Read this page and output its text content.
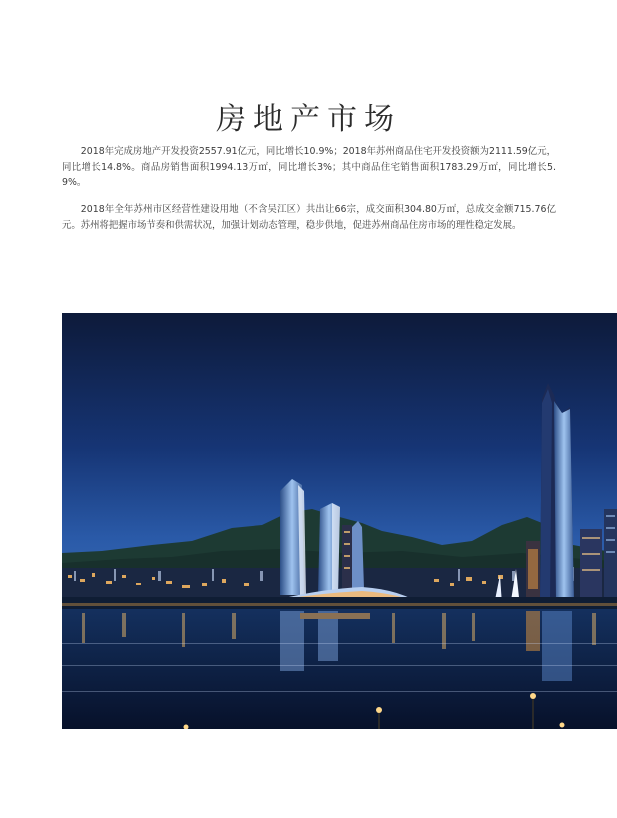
房地产市场

2018年完成房地产开发投资2557.91亿元，同比增长10.9%；2018年苏州商品住宅开发投资额为2111.59亿元，同比增长14.8%。商品房销售面积1994.13万㎡，同比增长3%；其中商品住宅销售面积1783.29万㎡，同比增长5.9%。

2018年全年苏州市区经营性建设用地（不含吴江区）共出让66宗，成交面积304.80万㎡，总成交金额715.76亿元。苏州将把握市场节奏和供需状况，加强计划动态管理，稳步供地，促进苏州商品住房市场的理性稳定发展。
